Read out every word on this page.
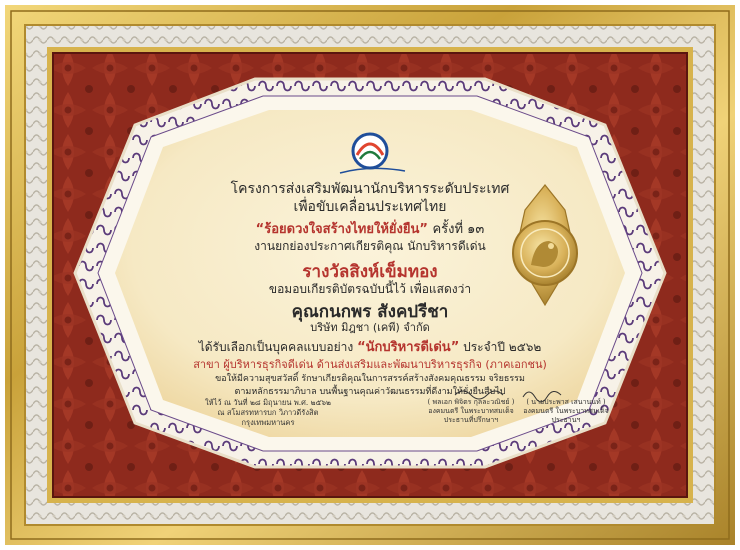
โครงการส่งเสริมพัฒนานักบริหารระดับประเทศ
เพื่อขับเคลื่อนประเทศไทย
“ร้อยดวงใจสร้างไทยให้ยั่งยืน” ครั้งที่ ๑๓
งานยกย่องประกาศเกียรติคุณ นักบริหารดีเด่น
รางวัลสิงห์เข็มทอง
ขอมอบเกียรติบัตรฉบับนี้ไว้ เพื่อแสดงว่า
คุณกนกพร สังคปรีชา
บริษัท มิฎชา (เคพี) จำกัด
ได้รับเลือกเป็นบุคคลแบบอย่าง “นักบริหารดีเด่น” ประจำปี ๒๕๖๒
สาขา ผู้บริหารธุรกิจดีเด่น ด้านส่งเสริมและพัฒนาบริหารธุรกิจ (ภาคเอกชน)
ขอให้มีความสุขสวัสดิ์ รักษาเกียรติคุณในการสรรค์สร้างสังคมคุณธรรม จริยธรรม
ตามหลักธรรมาภิบาล บนพื้นฐานคุณค่าวัฒนธรรมที่ดีงามให้ยั่งยืนสืบไป
ให้ไว้ ณ วันที่ ๒๘ มิถุนายน พ.ศ. ๒๕๖๒
ณ สโมสรทหารบก วิภาวดีรังสิต
กรุงเทพมหานคร
( พลเอก พิจิตร กุลละวณิชย์ )
องคมนตรี ในพระบาทสมเด็จ
ประธานที่ปรึกษาฯ
( นายประพาส เสนานนท์ )
องคมนตรี ในพระบาทสมเด็จ
ประธานฯ
